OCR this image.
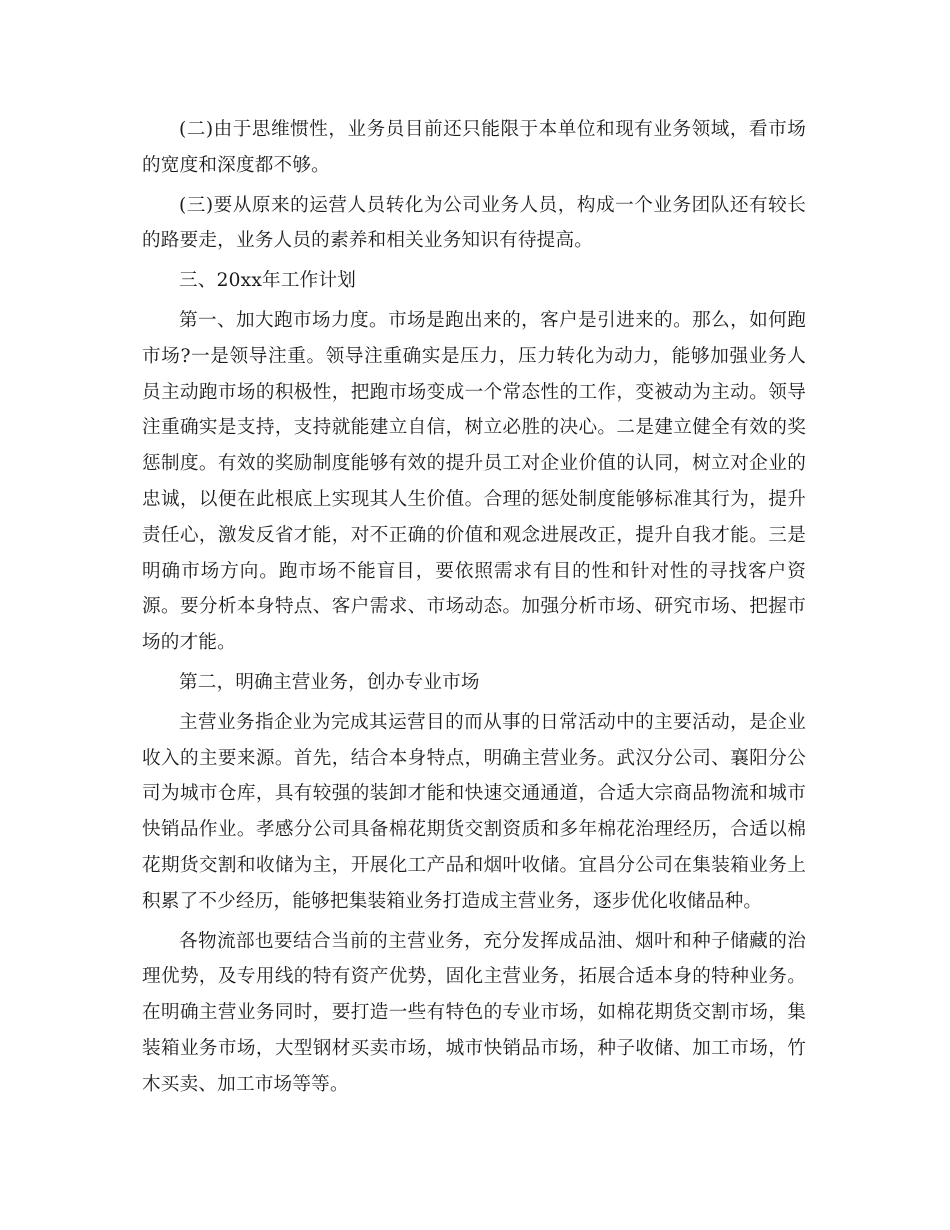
(二)由于思维惯性，业务员目前还只能限于本单位和现有业务领域，看市场的宽度和深度都不够。

(三)要从原来的运营人员转化为公司业务人员，构成一个业务团队还有较长的路要走，业务人员的素养和相关业务知识有待提高。

三、20xx年工作计划

第一、加大跑市场力度。市场是跑出来的，客户是引进来的。那么，如何跑市场?一是领导注重。领导注重确实是压力，压力转化为动力，能够加强业务人员主动跑市场的积极性，把跑市场变成一个常态性的工作，变被动为主动。领导注重确实是支持，支持就能建立自信，树立必胜的决心。二是建立健全有效的奖惩制度。有效的奖励制度能够有效的提升员工对企业价值的认同，树立对企业的忠诚，以便在此根底上实现其人生价值。合理的惩处制度能够标准其行为，提升责任心，激发反省才能，对不正确的价值和观念进展改正，提升自我才能。三是明确市场方向。跑市场不能盲目，要依照需求有目的性和针对性的寻找客户资源。要分析本身特点、客户需求、市场动态。加强分析市场、研究市场、把握市场的才能。

第二，明确主营业务，创办专业市场

主营业务指企业为完成其运营目的而从事的日常活动中的主要活动，是企业收入的主要来源。首先，结合本身特点，明确主营业务。武汉分公司、襄阳分公司为城市仓库，具有较强的装卸才能和快速交通通道，合适大宗商品物流和城市快销品作业。孝感分公司具备棉花期货交割资质和多年棉花治理经历，合适以棉花期货交割和收储为主，开展化工产品和烟叶收储。宜昌分公司在集装箱业务上积累了不少经历，能够把集装箱业务打造成主营业务，逐步优化收储品种。

各物流部也要结合当前的主营业务，充分发挥成品油、烟叶和种子储藏的治理优势，及专用线的特有资产优势，固化主营业务，拓展合适本身的特种业务。在明确主营业务同时，要打造一些有特色的专业市场，如棉花期货交割市场，集装箱业务市场，大型钢材买卖市场，城市快销品市场，种子收储、加工市场，竹木买卖、加工市场等等。
